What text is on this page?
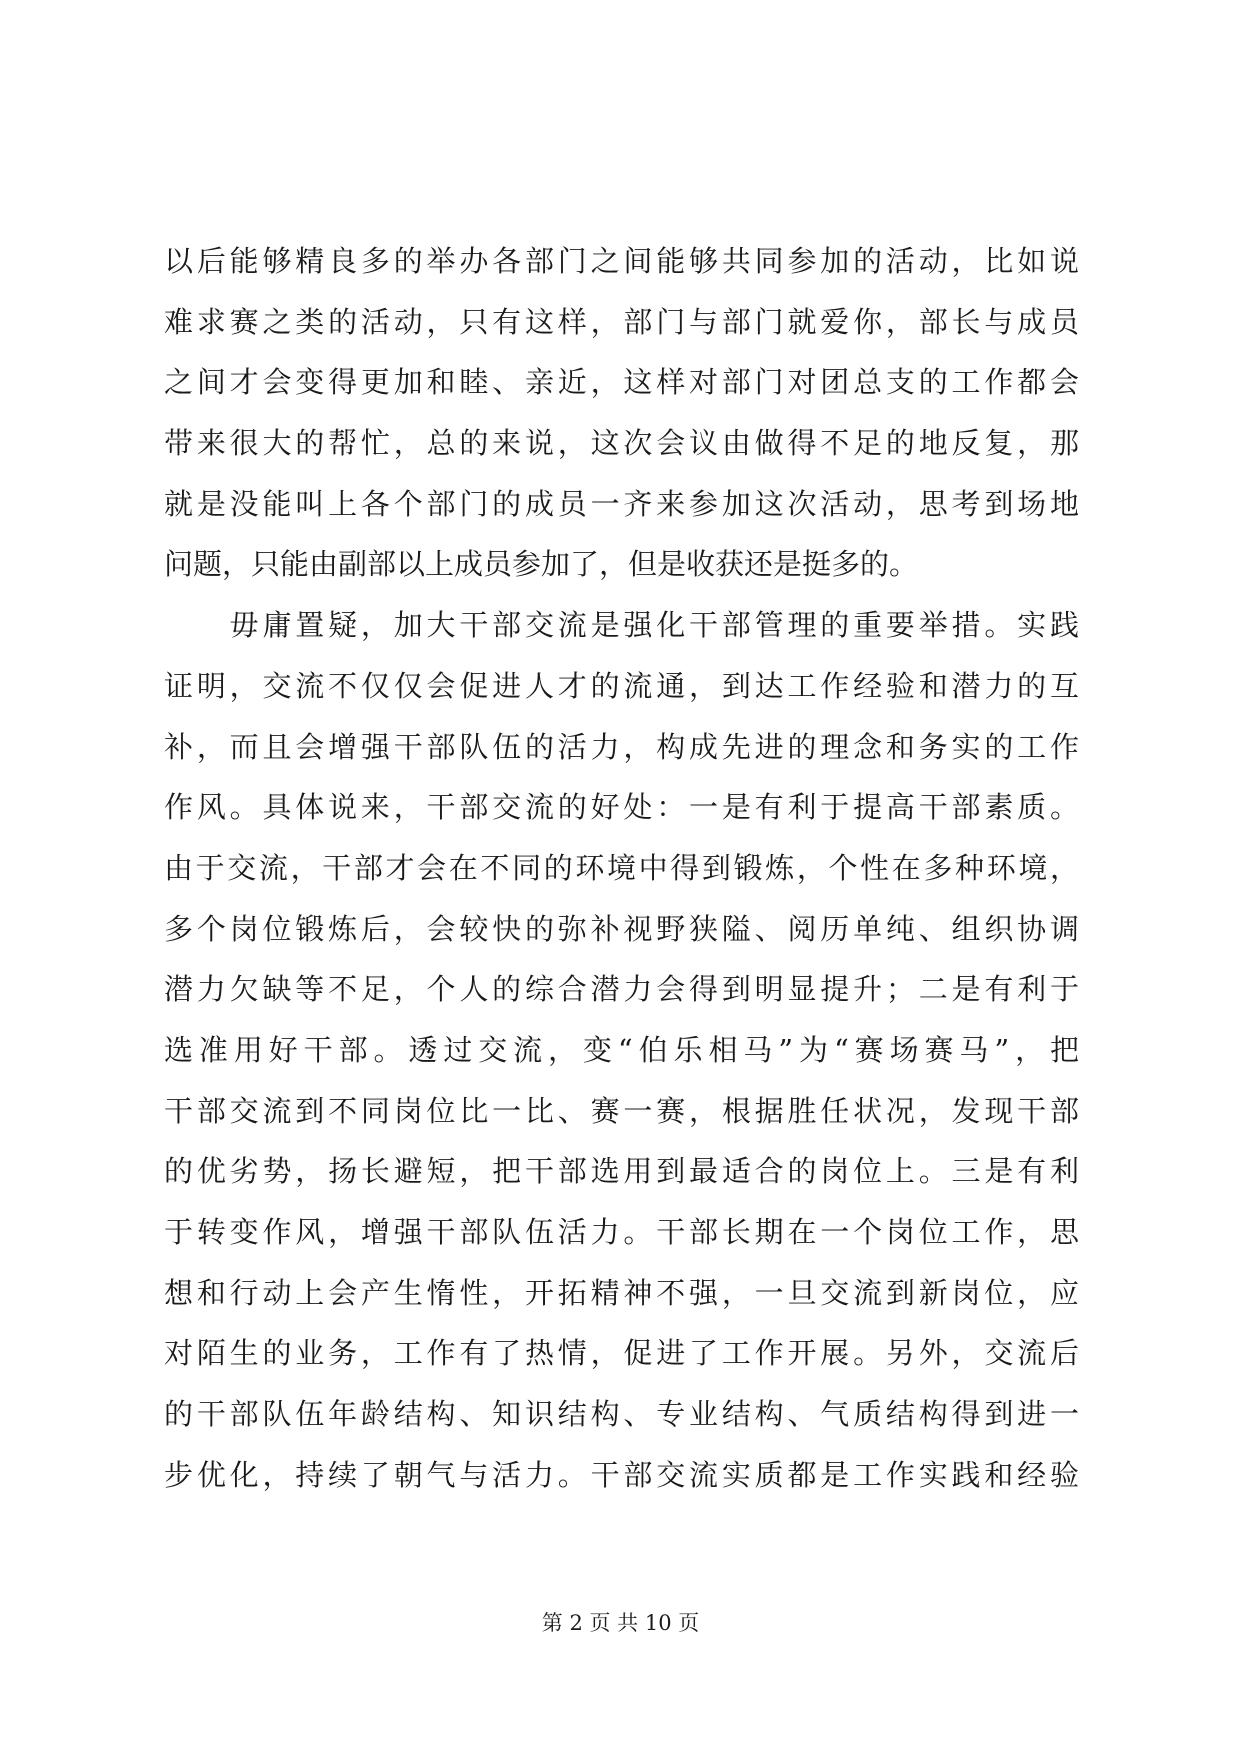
以后能够精良多的举办各部门之间能够共同参加的活动，比如说
难求赛之类的活动，只有这样，部门与部门就爱你，部长与成员
之间才会变得更加和睦、亲近，这样对部门对团总支的工作都会
带来很大的帮忙，总的来说，这次会议由做得不足的地反复，那
就是没能叫上各个部门的成员一齐来参加这次活动，思考到场地
问题，只能由副部以上成员参加了，但是收获还是挺多的。
　　毋庸置疑，加大干部交流是强化干部管理的重要举措。实践
证明，交流不仅仅会促进人才的流通，到达工作经验和潜力的互
补，而且会增强干部队伍的活力，构成先进的理念和务实的工作
作风。具体说来，干部交流的好处：一是有利于提高干部素质。
由于交流，干部才会在不同的环境中得到锻炼，个性在多种环境，
多个岗位锻炼后，会较快的弥补视野狭隘、阅历单纯、组织协调
潜力欠缺等不足，个人的综合潜力会得到明显提升；二是有利于
选准用好干部。透过交流，变“伯乐相马”为“赛场赛马”，把
干部交流到不同岗位比一比、赛一赛，根据胜任状况，发现干部
的优劣势，扬长避短，把干部选用到最适合的岗位上。三是有利
于转变作风，增强干部队伍活力。干部长期在一个岗位工作，思
想和行动上会产生惰性，开拓精神不强，一旦交流到新岗位，应
对陌生的业务，工作有了热情，促进了工作开展。另外，交流后
的干部队伍年龄结构、知识结构、专业结构、气质结构得到进一
步优化，持续了朝气与活力。干部交流实质都是工作实践和经验
第 2 页 共 10 页
